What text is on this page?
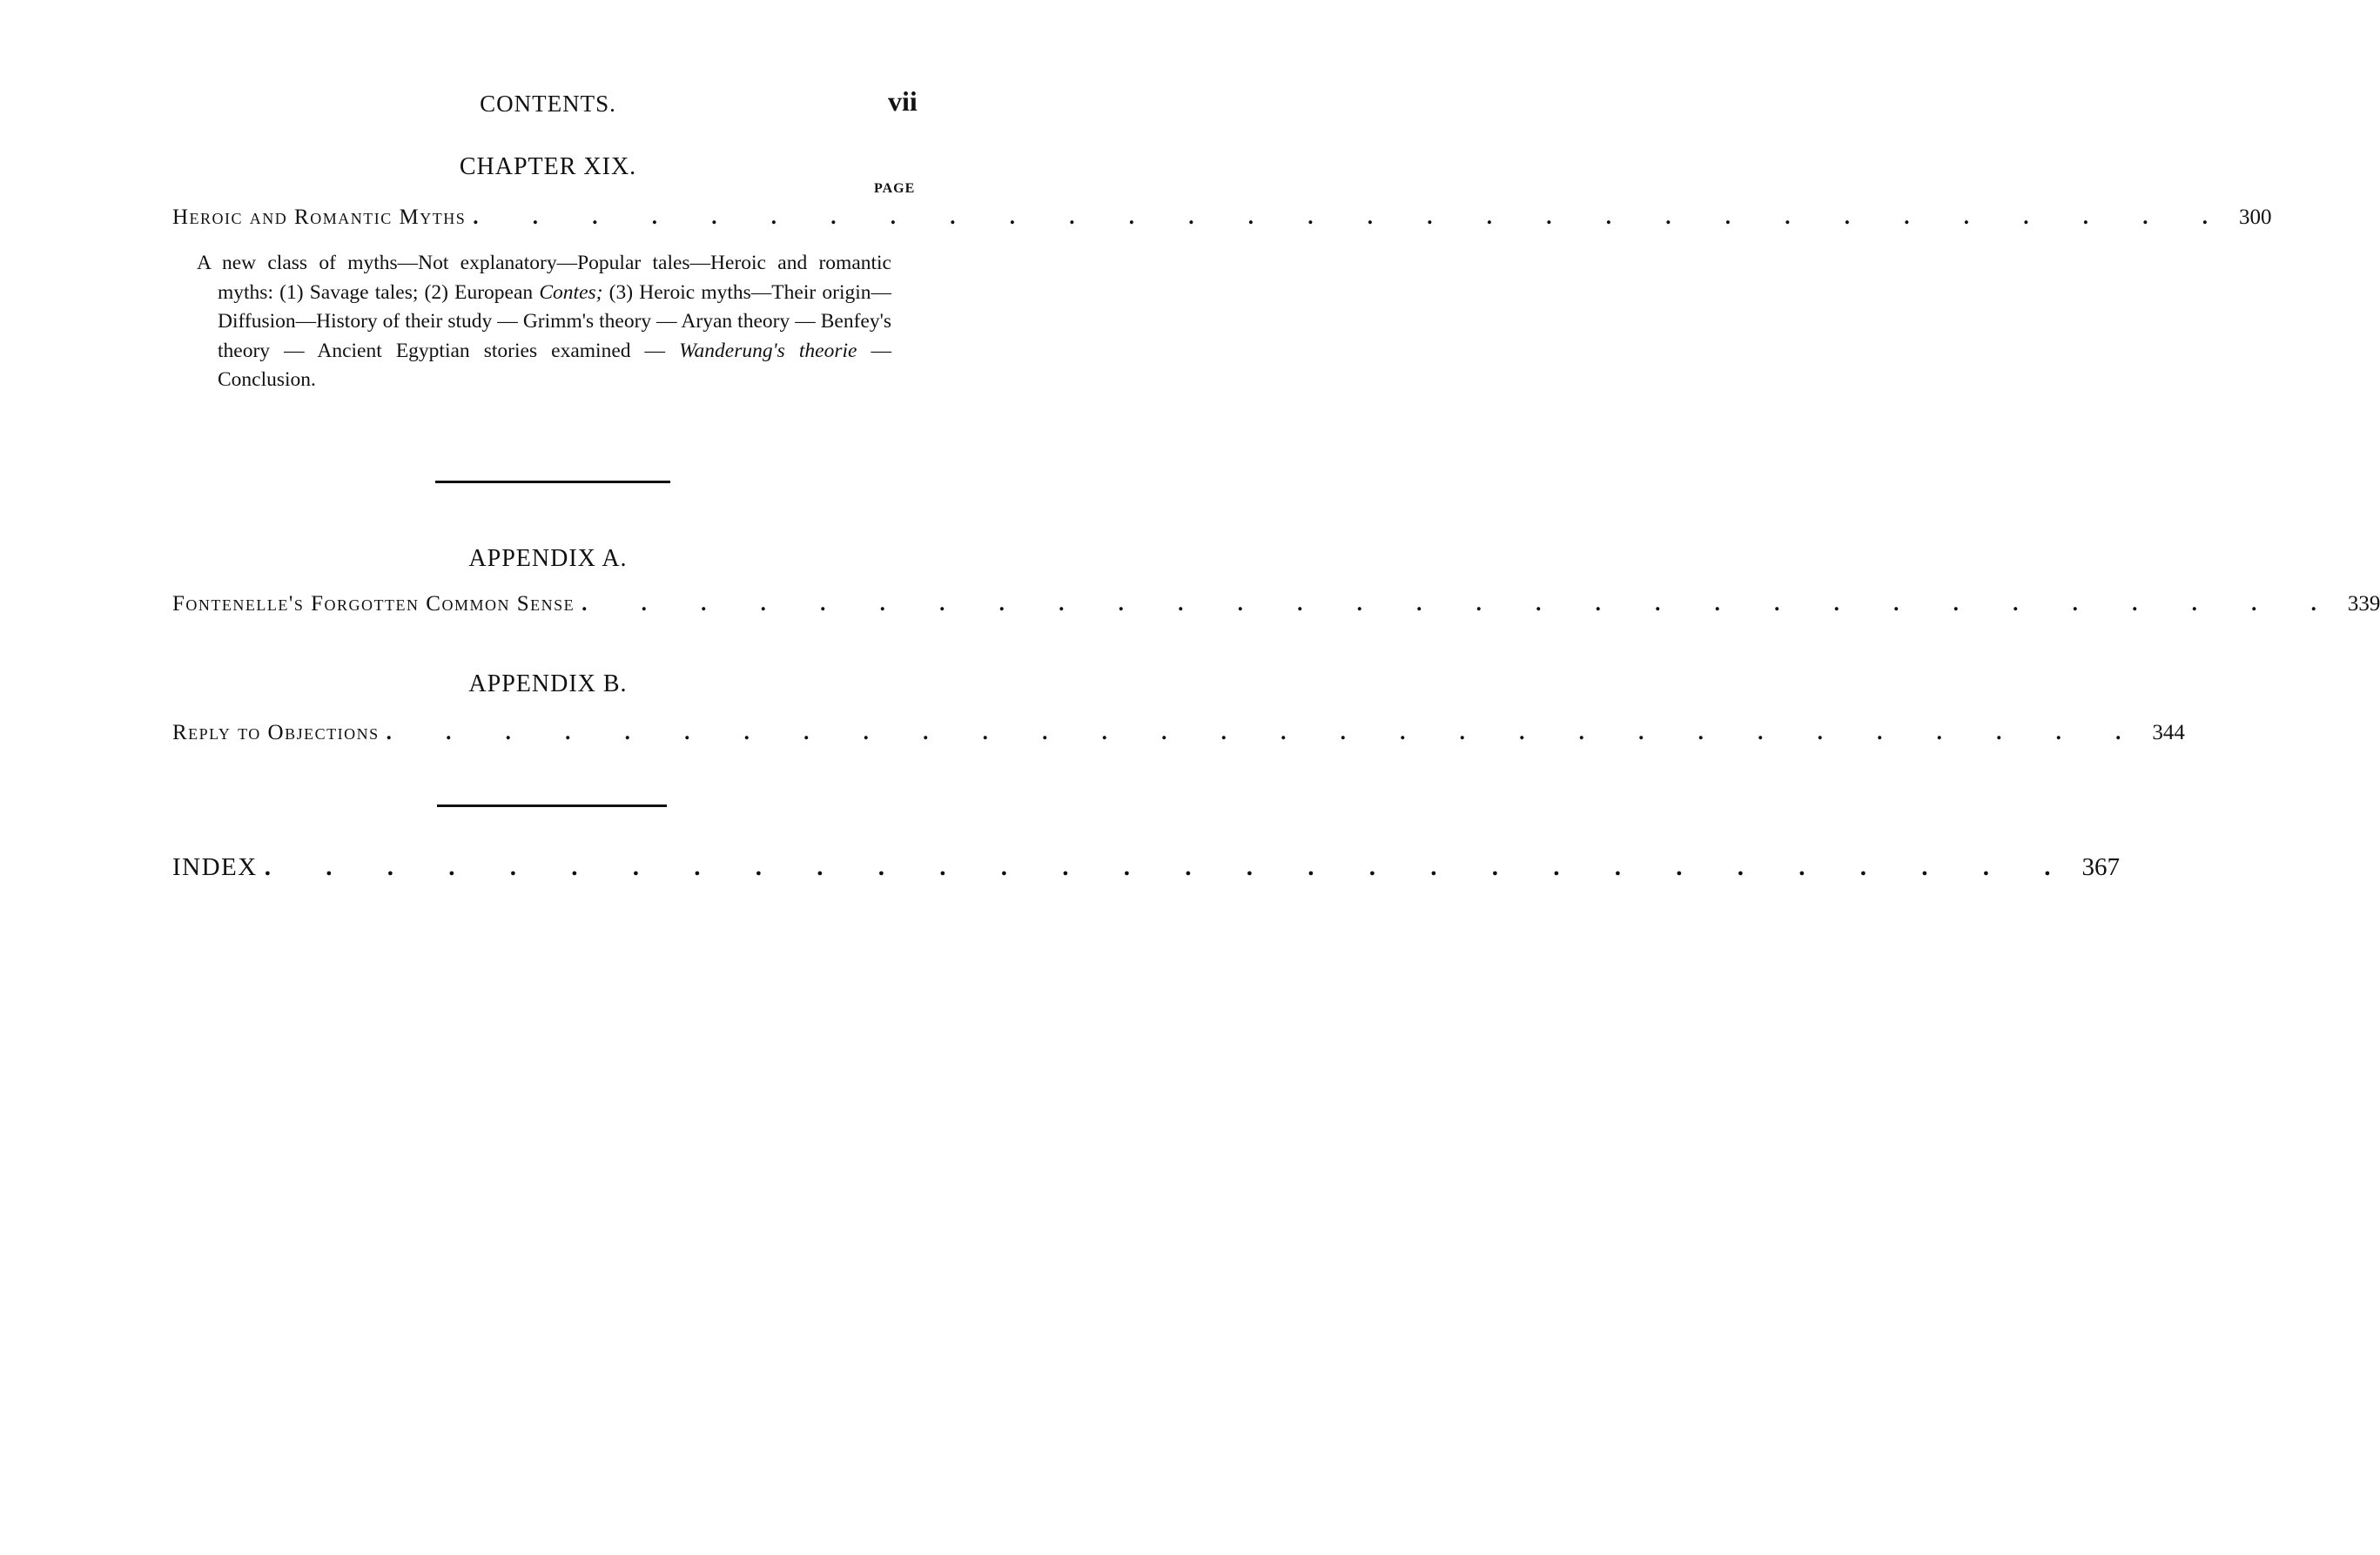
CONTENTS.	vii
CHAPTER XIX.
PAGE
Heroic and Romantic Myths . . . . . . . . . . . . . . . . . . . . . . . . . . . . . . 300
A new class of myths—Not explanatory—Popular tales—Heroic and romantic myths: (1) Savage tales; (2) European Contes; (3) Heroic myths—Their origin—Diffusion—History of their study — Grimm's theory — Aryan theory — Benfey's theory — Ancient Egyptian stories examined — Wanderung's theorie — Conclusion.
APPENDIX A.
Fontenelle's Forgotten Common Sense . . . . . . . . . . . . . . . . . . . . . . . . . . . . . . 339
APPENDIX B.
Reply to Objections . . . . . . . . . . . . . . . . . . . . . . . . . . . . . . 344
INDEX . . . . . . . . . . . . . . . . . . . . . . . . . . . . . . 367
